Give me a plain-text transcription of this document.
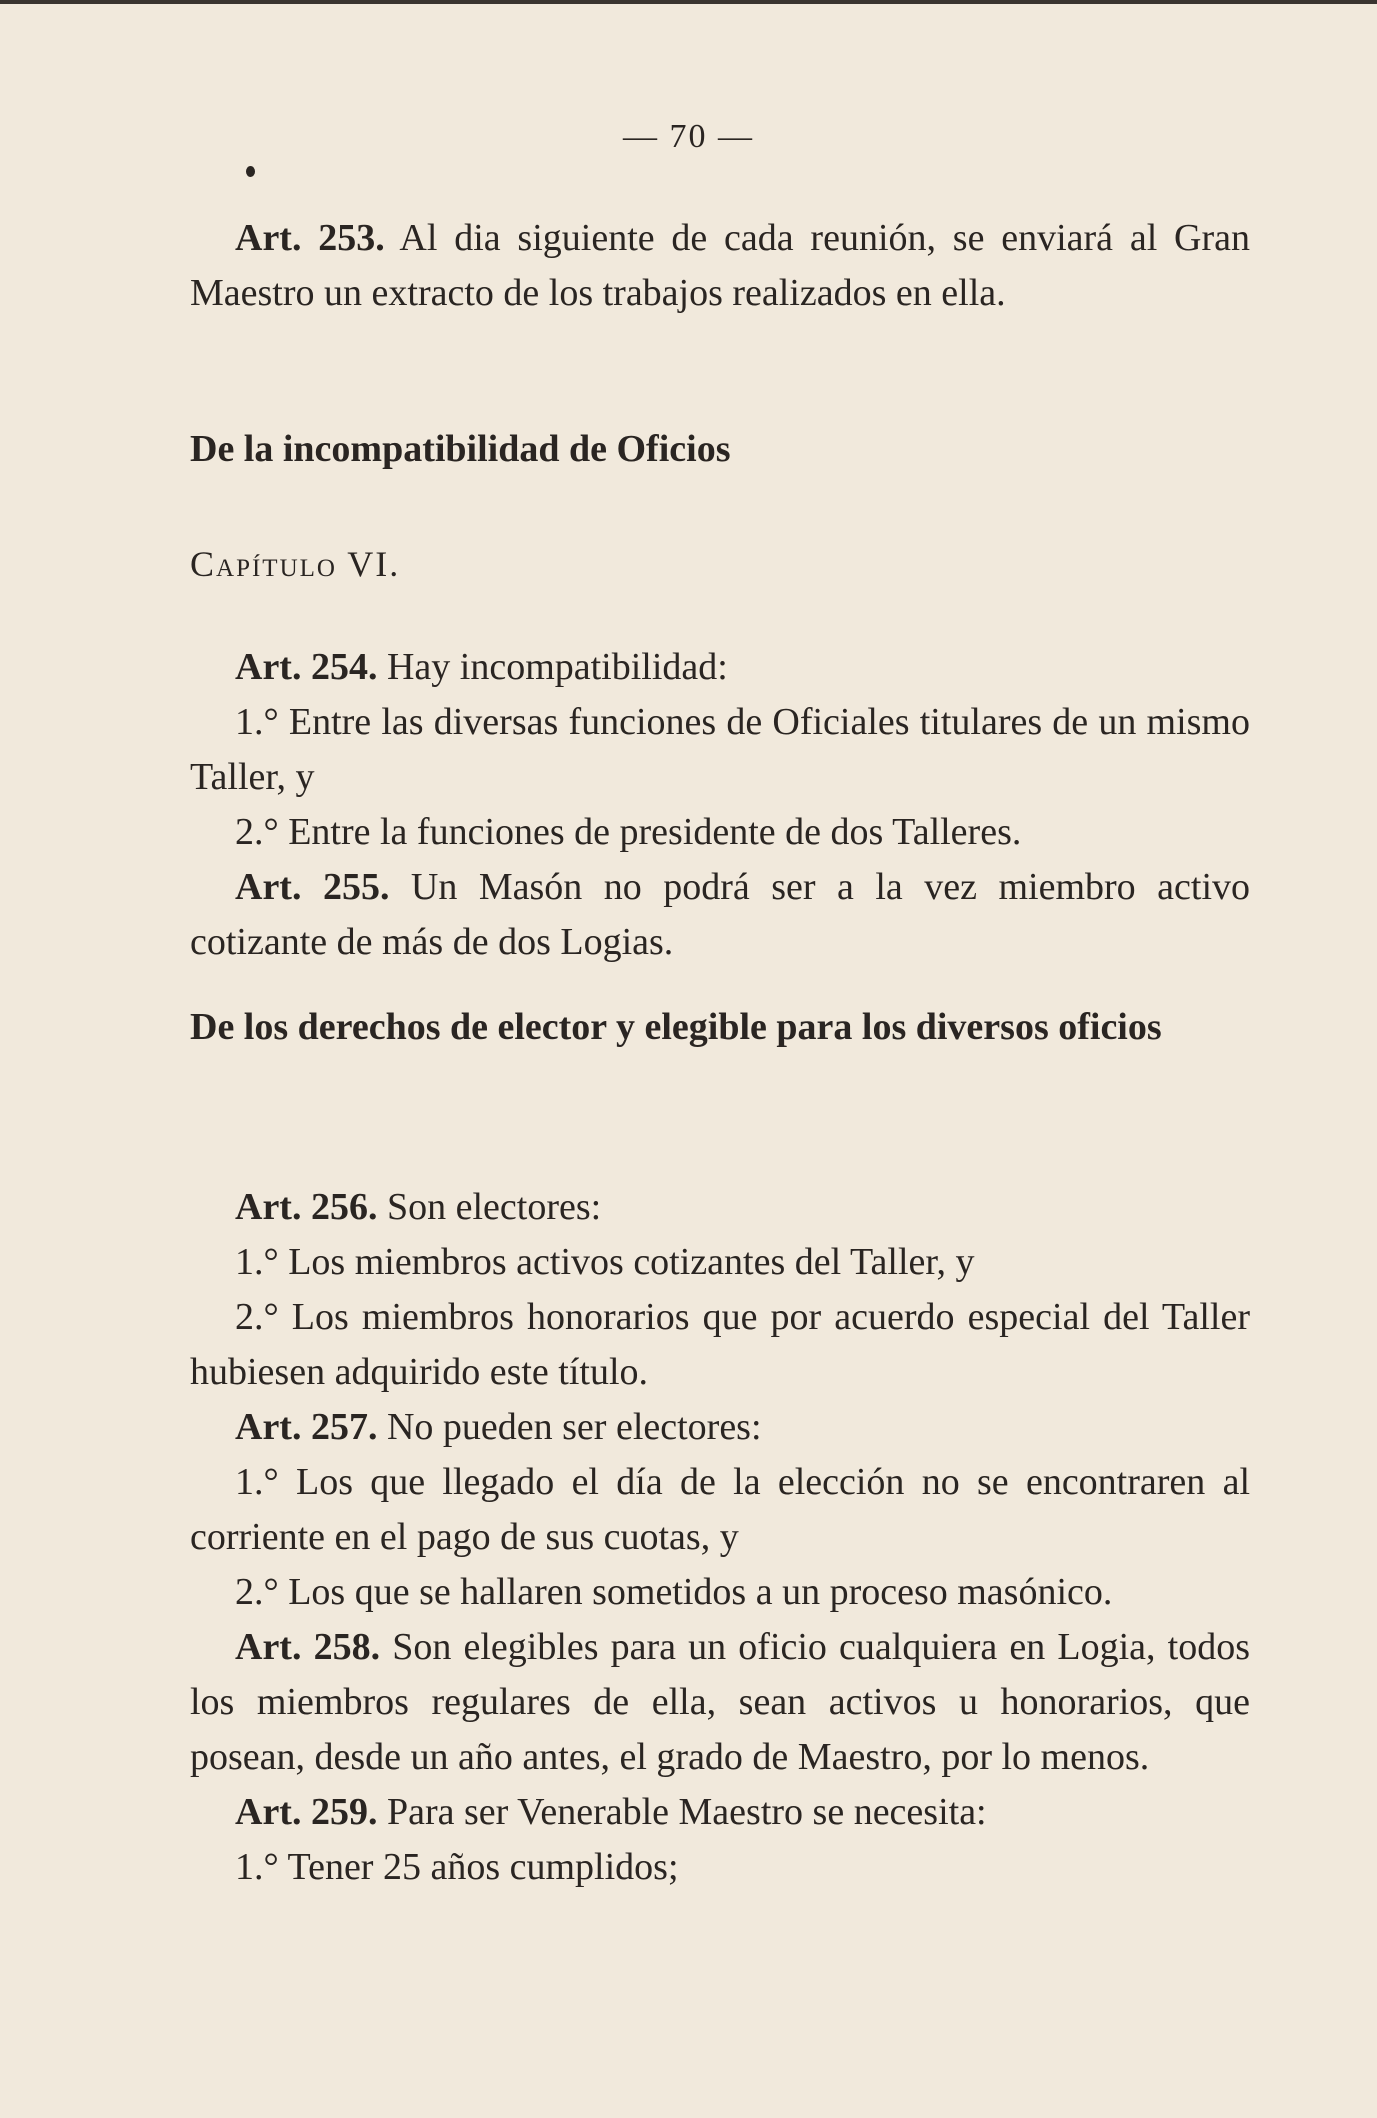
— 70 —

Art. 253. Al dia siguiente de cada reunión, se enviará al Gran Maestro un extracto de los trabajos realizados en ella.

De la incompatibilidad de Oficios

Capítulo VI.

Art. 254. Hay incompatibilidad:

1.° Entre las diversas funciones de Oficiales titulares de un mismo Taller, y

2.° Entre la funciones de presidente de dos Talleres.

Art. 255. Un Masón no podrá ser a la vez miembro activo cotizante de más de dos Logias.

De los derechos de elector y elegible para los diversos oficios

Art. 256. Son electores:

1.° Los miembros activos cotizantes del Taller, y

2.° Los miembros honorarios que por acuerdo especial del Taller hubiesen adquirido este título.

Art. 257. No pueden ser electores:

1.° Los que llegado el día de la elección no se encontraren al corriente en el pago de sus cuotas, y

2.° Los que se hallaren sometidos a un proceso masónico.

Art. 258. Son elegibles para un oficio cualquiera en Logia, todos los miembros regulares de ella, sean activos u honorarios, que posean, desde un año antes, el grado de Maestro, por lo menos.

Art. 259. Para ser Venerable Maestro se necesita:

1.° Tener 25 años cumplidos;
